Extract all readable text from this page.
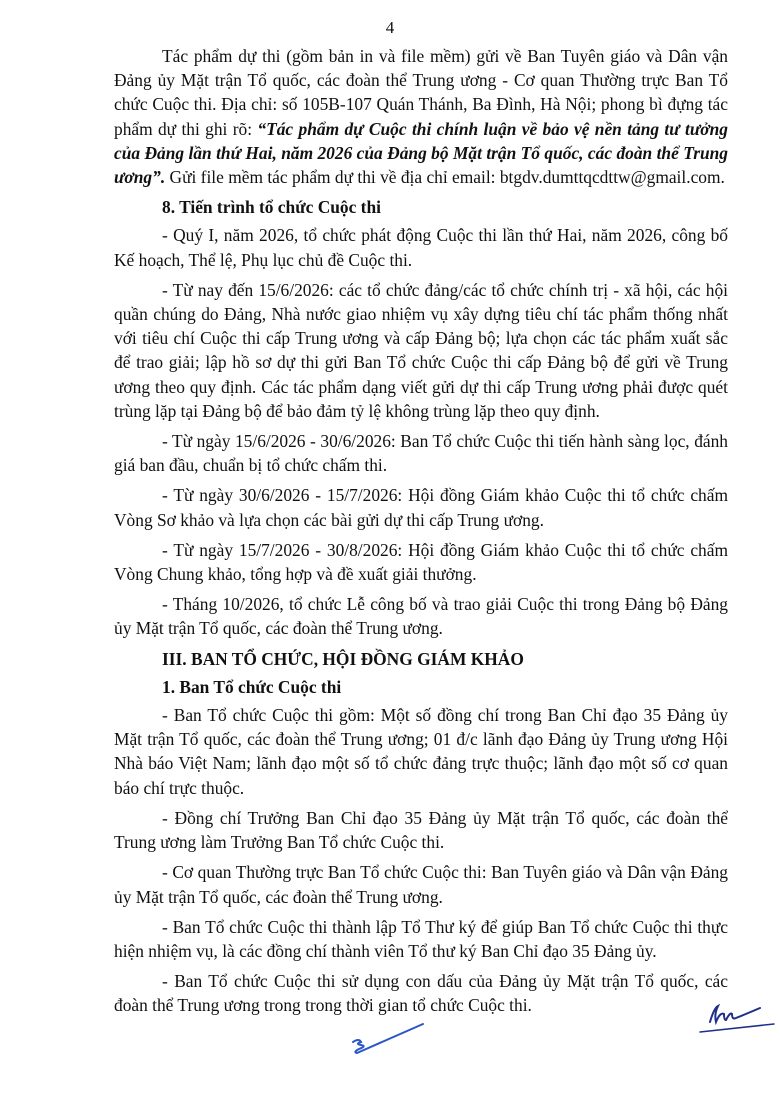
4

Tác phẩm dự thi (gồm bản in và file mềm) gửi về Ban Tuyên giáo và Dân vận Đảng ủy Mặt trận Tổ quốc, các đoàn thể Trung ương - Cơ quan Thường trực Ban Tổ chức Cuộc thi. Địa chỉ: số 105B-107 Quán Thánh, Ba Đình, Hà Nội; phong bì đựng tác phẩm dự thi ghi rõ: “Tác phẩm dự Cuộc thi chính luận về bảo vệ nền tảng tư tưởng của Đảng lần thứ Hai, năm 2026 của Đảng bộ Mặt trận Tổ quốc, các đoàn thể Trung ương”. Gửi file mềm tác phẩm dự thi về địa chỉ email: btgdv.dumttqcdttw@gmail.com.

8. Tiến trình tổ chức Cuộc thi

- Quý I, năm 2026, tổ chức phát động Cuộc thi lần thứ Hai, năm 2026, công bố Kế hoạch, Thể lệ, Phụ lục chủ đề Cuộc thi.

- Từ nay đến 15/6/2026: các tổ chức đảng/các tổ chức chính trị - xã hội, các hội quần chúng do Đảng, Nhà nước giao nhiệm vụ xây dựng tiêu chí tác phẩm thống nhất với tiêu chí Cuộc thi cấp Trung ương và cấp Đảng bộ; lựa chọn các tác phẩm xuất sắc để trao giải; lập hồ sơ dự thi gửi Ban Tổ chức Cuộc thi cấp Đảng bộ để gửi về Trung ương theo quy định. Các tác phẩm dạng viết gửi dự thi cấp Trung ương phải được quét trùng lặp tại Đảng bộ để bảo đảm tỷ lệ không trùng lặp theo quy định.

- Từ ngày 15/6/2026 - 30/6/2026: Ban Tổ chức Cuộc thi tiến hành sàng lọc, đánh giá ban đầu, chuẩn bị tổ chức chấm thi.

- Từ ngày 30/6/2026 - 15/7/2026: Hội đồng Giám khảo Cuộc thi tổ chức chấm Vòng Sơ khảo và lựa chọn các bài gửi dự thi cấp Trung ương.

- Từ ngày 15/7/2026 - 30/8/2026: Hội đồng Giám khảo Cuộc thi tổ chức chấm Vòng Chung khảo, tổng hợp và đề xuất giải thưởng.

- Tháng 10/2026, tổ chức Lễ công bố và trao giải Cuộc thi trong Đảng bộ Đảng ủy Mặt trận Tổ quốc, các đoàn thể Trung ương.

III. BAN TỔ CHỨC, HỘI ĐỒNG GIÁM KHẢO

1. Ban Tổ chức Cuộc thi

- Ban Tổ chức Cuộc thi gồm: Một số đồng chí trong Ban Chỉ đạo 35 Đảng ủy Mặt trận Tổ quốc, các đoàn thể Trung ương; 01 đ/c lãnh đạo Đảng ủy Trung ương Hội Nhà báo Việt Nam; lãnh đạo một số tổ chức đảng trực thuộc; lãnh đạo một số cơ quan báo chí trực thuộc.

- Đồng chí Trưởng Ban Chỉ đạo 35 Đảng ủy Mặt trận Tổ quốc, các đoàn thể Trung ương làm Trưởng Ban Tổ chức Cuộc thi.

- Cơ quan Thường trực Ban Tổ chức Cuộc thi: Ban Tuyên giáo và Dân vận Đảng ủy Mặt trận Tổ quốc, các đoàn thể Trung ương.

- Ban Tổ chức Cuộc thi thành lập Tổ Thư ký để giúp Ban Tổ chức Cuộc thi thực hiện nhiệm vụ, là các đồng chí thành viên Tổ thư ký Ban Chỉ đạo 35 Đảng ủy.

- Ban Tổ chức Cuộc thi sử dụng con dấu của Đảng ủy Mặt trận Tổ quốc, các đoàn thể Trung ương trong trong thời gian tổ chức Cuộc thi.
